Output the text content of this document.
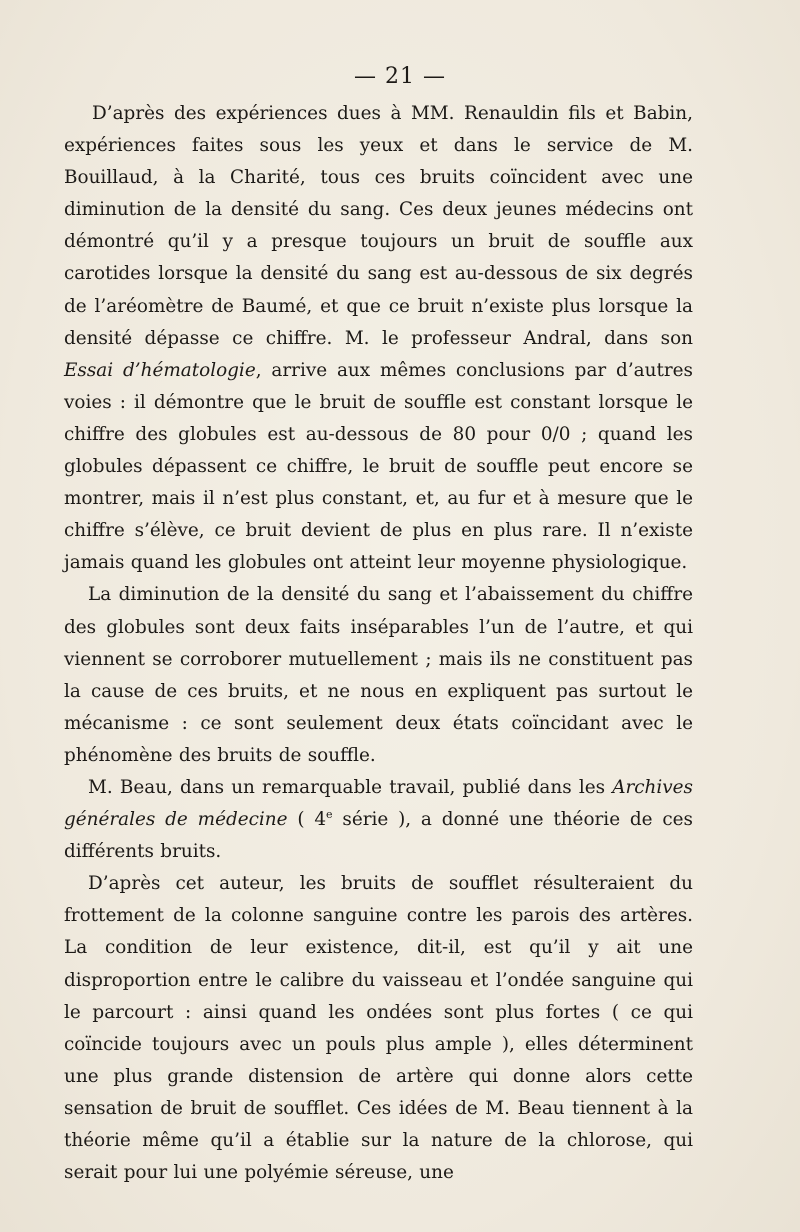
— 21 —

D’après des expériences dues à MM. Renauldin fils et Babin, expériences faites sous les yeux et dans le service de M. Bouillaud, à la Charité, tous ces bruits coïncident avec une diminution de la densité du sang. Ces deux jeunes médecins ont démontré qu’il y a presque toujours un bruit de souffle aux carotides lorsque la densité du sang est au-dessous de six degrés de l’aréomètre de Baumé, et que ce bruit n’existe plus lorsque la densité dépasse ce chiffre. M. le professeur Andral, dans son Essai d’hématologie, arrive aux mêmes conclusions par d’autres voies : il démontre que le bruit de souffle est constant lorsque le chiffre des globules est au-dessous de 80 pour 0/0 ; quand les globules dépassent ce chiffre, le bruit de souffle peut encore se montrer, mais il n’est plus constant, et, au fur et à mesure que le chiffre s’élève, ce bruit devient de plus en plus rare. Il n’existe jamais quand les globules ont atteint leur moyenne physiologique.

La diminution de la densité du sang et l’abaissement du chiffre des globules sont deux faits inséparables l’un de l’autre, et qui viennent se corroborer mutuellement ; mais ils ne constituent pas la cause de ces bruits, et ne nous en expliquent pas surtout le mécanisme : ce sont seulement deux états coïncidant avec le phénomène des bruits de souffle.

M. Beau, dans un remarquable travail, publié dans les Archives générales de médecine ( 4e série ), a donné une théorie de ces différents bruits.

D’après cet auteur, les bruits de soufflet résulteraient du frottement de la colonne sanguine contre les parois des artères. La condition de leur existence, dit-il, est qu’il y ait une disproportion entre le calibre du vaisseau et l’ondée sanguine qui le parcourt : ainsi quand les ondées sont plus fortes ( ce qui coïncide toujours avec un pouls plus ample ), elles déterminent une plus grande distension de artère qui donne alors cette sensation de bruit de soufflet. Ces idées de M. Beau tiennent à la théorie même qu’il a établie sur la nature de la chlorose, qui serait pour lui une polyémie séreuse, une
